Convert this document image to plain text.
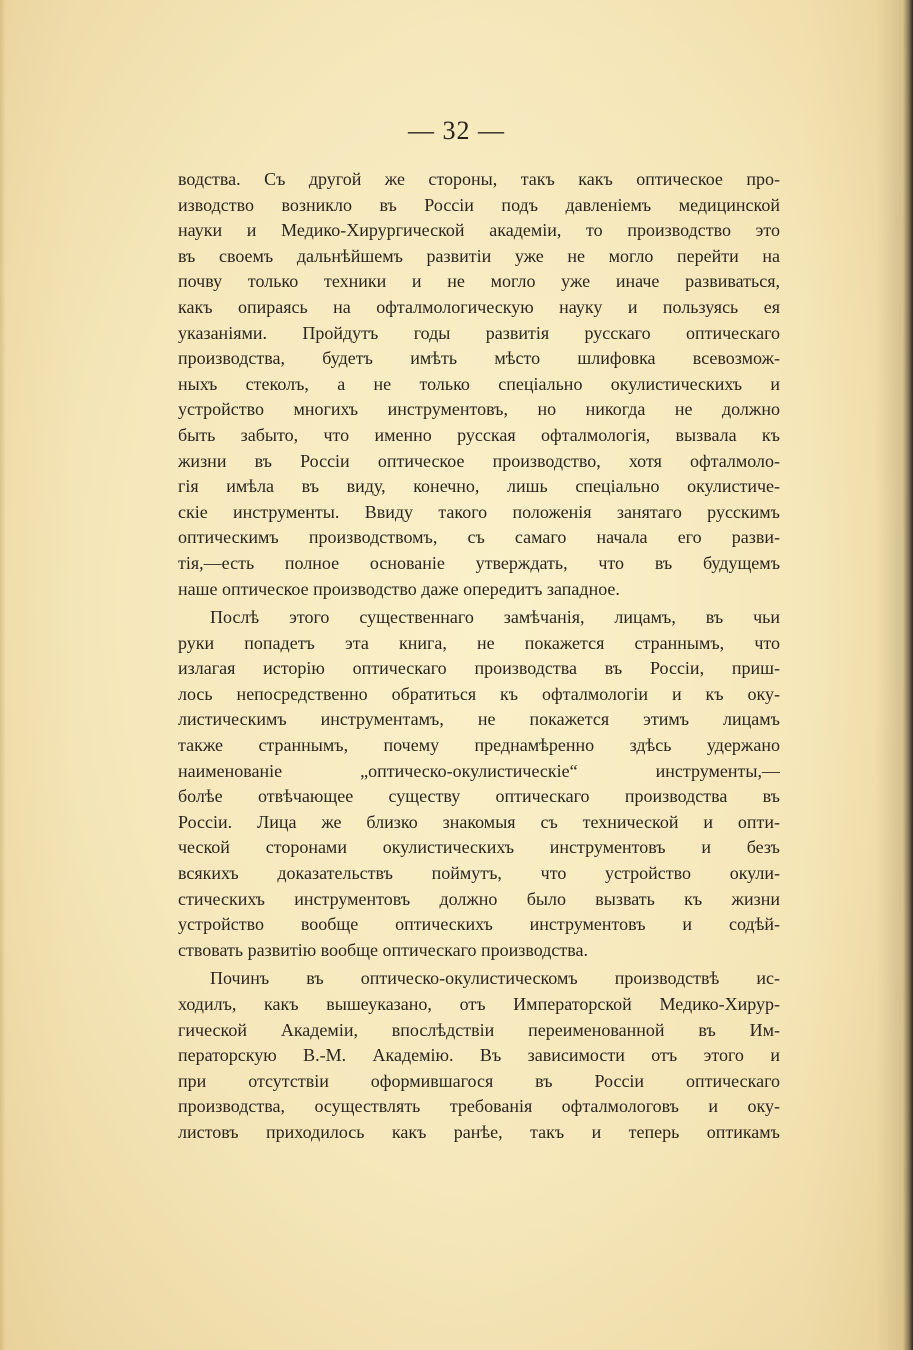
— 32 —
водства. Съ другой же стороны, такъ какъ оптическое про-
изводство возникло въ Россіи подъ давленіемъ медицинской
науки и Медико-Хирургической академіи, то производство это
въ своемъ дальнѣйшемъ развитіи уже не могло перейти на
почву только техники и не могло уже иначе развиваться,
какъ опираясь на офталмологическую науку и пользуясь ея
указаніями. Пройдутъ годы развитія русскаго оптическаго
производства, будетъ имѣть мѣсто шлифовка всевозмож-
ныхъ стеколъ, а не только спеціально окулистическихъ и
устройство многихъ инструментовъ, но никогда не должно
быть забыто, что именно русская офталмологія, вызвала къ
жизни въ Россіи оптическое производство, хотя офталмоло-
гія имѣла въ виду, конечно, лишь спеціально окулистиче-
скіе инструменты. Ввиду такого положенія занятаго русскимъ
оптическимъ производствомъ, съ самаго начала его разви-
тія,—есть полное основаніе утверждать, что въ будущемъ
наше оптическое производство даже опередитъ западное.
Послѣ этого существеннаго замѣчанія, лицамъ, въ чьи
руки попадетъ эта книга, не покажется страннымъ, что
излагая исторію оптическаго производства въ Россіи, приш-
лось непосредственно обратиться къ офталмологіи и къ оку-
листическимъ инструментамъ, не покажется этимъ лицамъ
также страннымъ, почему преднамѣренно здѣсь удержано
наименованіе „оптическо-окулистическіе“ инструменты,—
болѣе отвѣчающее существу оптическаго производства въ
Россіи. Лица же близко знакомыя съ технической и опти-
ческой сторонами окулистическихъ инструментовъ и безъ
всякихъ доказательствъ поймутъ, что устройство окули-
стическихъ инструментовъ должно было вызвать къ жизни
устройство вообще оптическихъ инструментовъ и содѣй-
ствовать развитію вообще оптическаго производства.
Починъ въ оптическо-окулистическомъ производствѣ ис-
ходилъ, какъ вышеуказано, отъ Императорской Медико-Хирур-
гической Академіи, впослѣдствіи переименованной въ Им-
ператорскую В.-М. Академію. Въ зависимости отъ этого и
при отсутствіи оформившагося въ Россіи оптическаго
производства, осуществлять требованія офталмологовъ и оку-
листовъ приходилось какъ ранѣе, такъ и теперь оптикамъ
